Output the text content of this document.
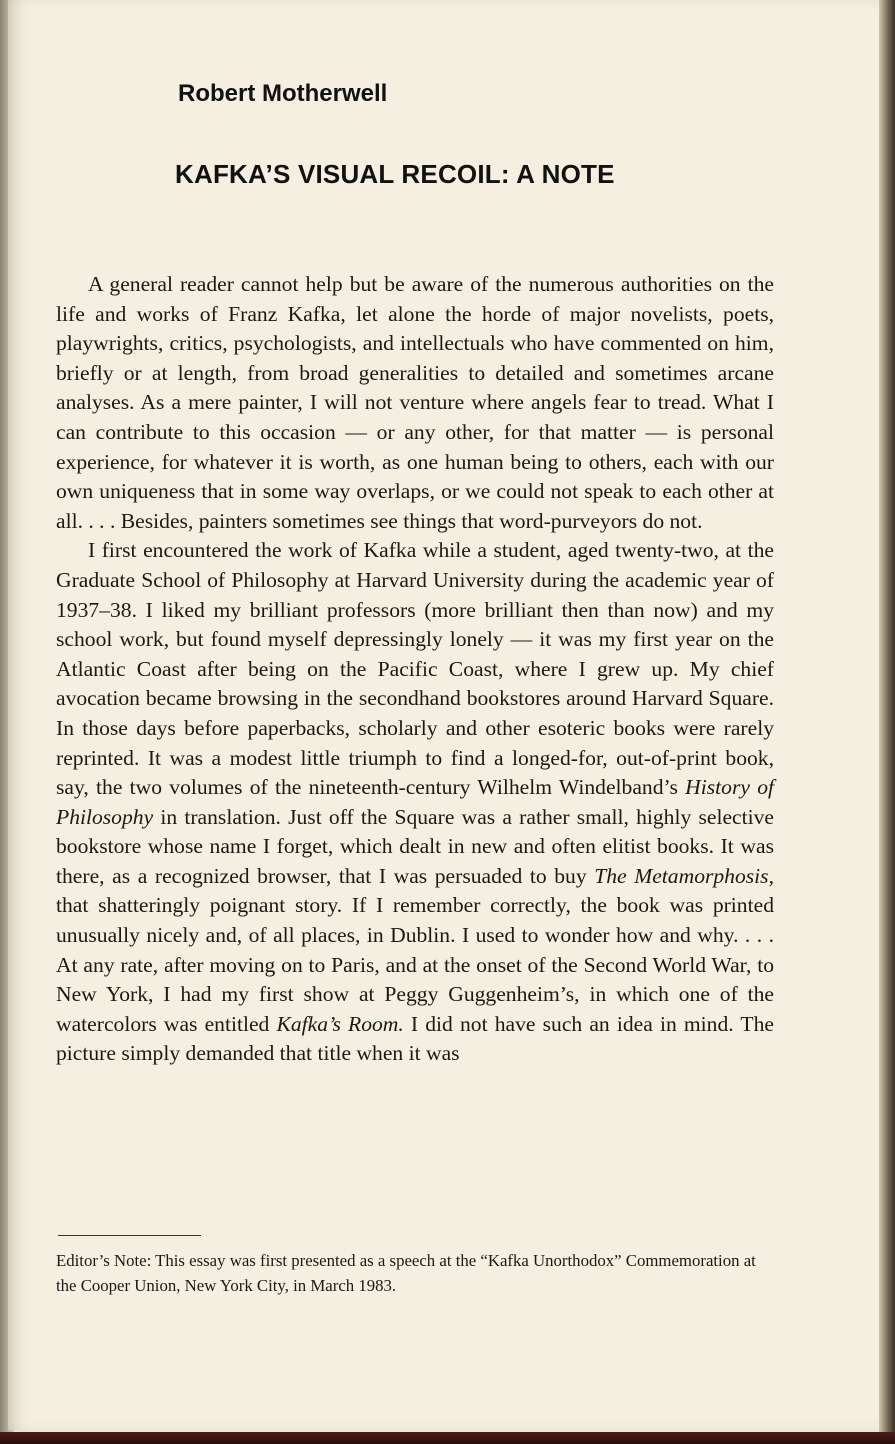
Robert Motherwell
KAFKA’S VISUAL RECOIL: A NOTE

A general reader cannot help but be aware of the numerous authorities on the life and works of Franz Kafka, let alone the horde of major novelists, poets, playwrights, critics, psychologists, and intellectuals who have commented on him, briefly or at length, from broad generalities to detailed and sometimes arcane analyses. As a mere painter, I will not venture where angels fear to tread. What I can contribute to this occasion — or any other, for that matter — is personal experience, for whatever it is worth, as one human being to others, each with our own uniqueness that in some way overlaps, or we could not speak to each other at all. . . . Besides, painters sometimes see things that word-purveyors do not.

I first encountered the work of Kafka while a student, aged twenty-two, at the Graduate School of Philosophy at Harvard University during the academic year of 1937–38. I liked my brilliant professors (more brilliant then than now) and my school work, but found myself depressingly lonely — it was my first year on the Atlantic Coast after being on the Pacific Coast, where I grew up. My chief avocation became browsing in the secondhand bookstores around Harvard Square. In those days before paperbacks, scholarly and other esoteric books were rarely reprinted. It was a modest little triumph to find a longed-for, out-of-print book, say, the two volumes of the nineteenth-century Wilhelm Windelband’s History of Philosophy in translation. Just off the Square was a rather small, highly selective bookstore whose name I forget, which dealt in new and often elitist books. It was there, as a recognized browser, that I was persuaded to buy The Metamorphosis, that shatteringly poignant story. If I remember correctly, the book was printed unusually nicely and, of all places, in Dublin. I used to wonder how and why. . . . At any rate, after moving on to Paris, and at the onset of the Second World War, to New York, I had my first show at Peggy Guggenheim’s, in which one of the watercolors was entitled Kafka’s Room. I did not have such an idea in mind. The picture simply demanded that title when it was

Editor’s Note: This essay was first presented as a speech at the “Kafka Unorthodox” Commemoration at the Cooper Union, New York City, in March 1983.
